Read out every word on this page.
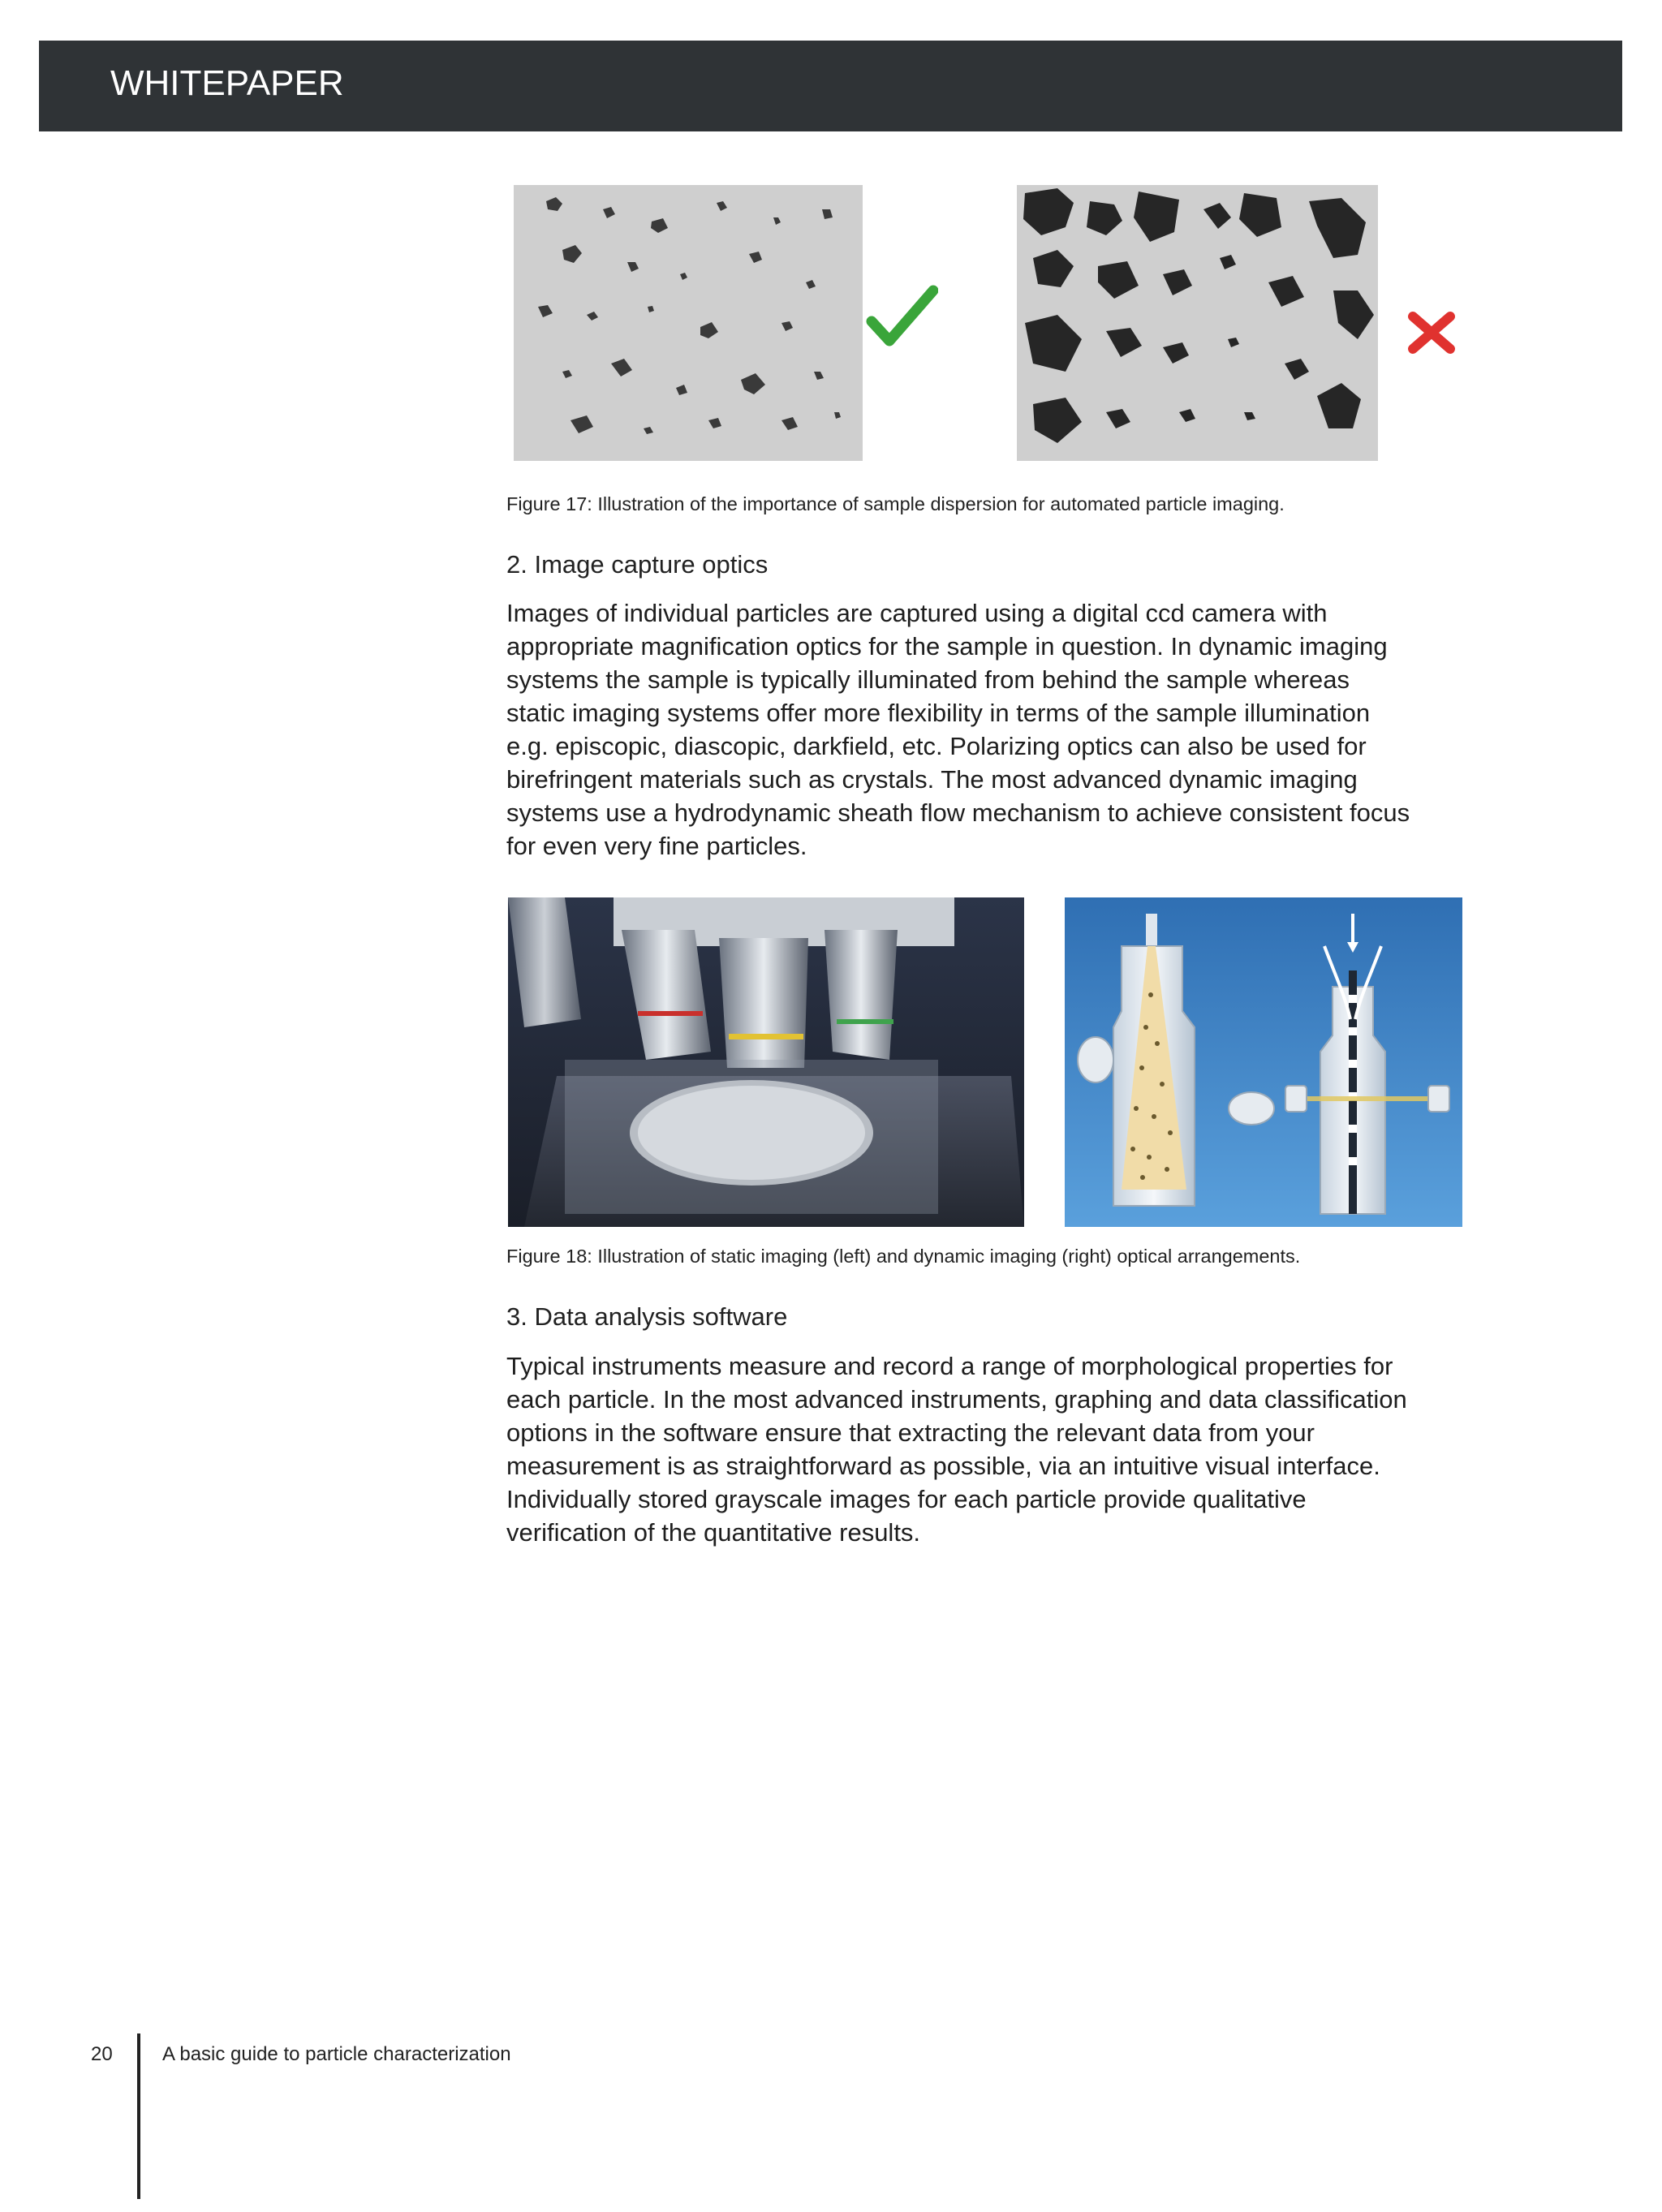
WHITEPAPER
Figure 17: Illustration of the importance of sample dispersion for automated particle imaging.
2. Image capture optics
Images of individual particles are captured using a digital ccd camera with
appropriate magnification optics for the sample in question. In dynamic imaging
systems the sample is typically illuminated from behind the sample whereas
static imaging systems offer more flexibility in terms of the sample illumination
e.g. episcopic, diascopic, darkfield, etc. Polarizing optics can also be used for
birefringent materials such as crystals. The most advanced dynamic imaging
systems use a hydrodynamic sheath flow mechanism to achieve consistent focus
for even very fine particles.
Figure 18: Illustration of static imaging (left) and dynamic imaging (right) optical arrangements.
3. Data analysis software
Typical instruments measure and record a range of morphological properties for
each particle. In the most advanced instruments, graphing and data classification
options in the software ensure that extracting the relevant data from your
measurement is as straightforward as possible, via an intuitive visual interface.
Individually stored grayscale images for each particle provide qualitative
verification of the quantitative results.
20	A basic guide to particle characterization
